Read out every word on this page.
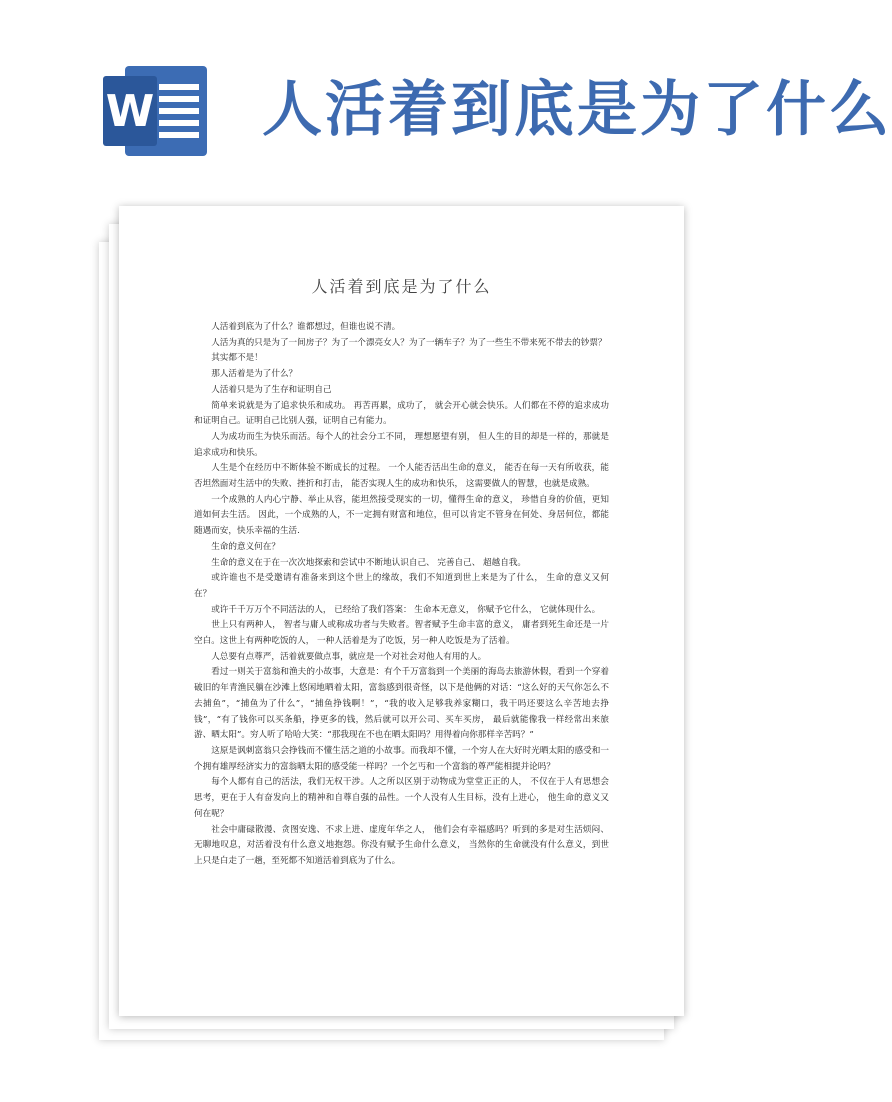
W 人活着到底是为了什么
人活着到底是为了什么

人活着到底为了什么？谁都想过，但谁也说不清。

人活为真的只是为了一间房子？为了一个漂亮女人？为了一辆车子？为了一些生不带来死不带去的钞票？

其实都不是！

那人活着是为了什么？

人活着只是为了生存和证明自己

简单来说就是为了追求快乐和成功。 再苦再累，成功了， 就会开心就会快乐。人们都在不停的追求成功和证明自己。证明自己比别人强，证明自己有能力。

人为成功而生为快乐而活。每个人的社会分工不同， 理想愿望有别， 但人生的目的却是一样的，那就是追求成功和快乐。

人生是个在经历中不断体验不断成长的过程。 一个人能否活出生命的意义， 能否在每一天有所收获，能否坦然面对生活中的失败、挫折和打击， 能否实现人生的成功和快乐， 这需要做人的智慧，也就是成熟。

一个成熟的人内心宁静、举止从容，能坦然接受现实的一切，懂得生命的意义， 珍惜自身的价值，更知道如何去生活。 因此，一个成熟的人，不一定拥有财富和地位，但可以肯定不管身在何处、身居何位，都能随遇而安，快乐幸福的生活.

生命的意义何在？

生命的意义在于在一次次地探索和尝试中不断地认识自己、 完善自己、 超越自我。

或许谁也不是受邀请有准备来到这个世上的缘故，我们不知道到世上来是为了什么， 生命的意义又何在？

或许千千万万个不同活法的人， 已经给了我们答案： 生命本无意义， 你赋予它什么， 它就体现什么。

世上只有两种人， 智者与庸人或称成功者与失败者。智者赋予生命丰富的意义， 庸者到死生命还是一片空白。这世上有两种吃饭的人， 一种人活着是为了吃饭，另一种人吃饭是为了活着。

人总要有点尊严，活着就要做点事，就应是一个对社会对他人有用的人。

看过一则关于富翁和渔夫的小故事，大意是：有个千万富翁到一个美丽的海岛去旅游休假，看到一个穿着破旧的年青渔民躺在沙滩上悠闲地晒着太阳，富翁感到很奇怪，以下是他俩的对话：“这么好的天气你怎么不去捕鱼”，“捕鱼为了什么”，“捕鱼挣钱啊！”，“我的收入足够我养家糊口，我干吗还要这么辛苦地去挣钱”，“有了钱你可以买条船，挣更多的钱，然后就可以开公司、买车买房， 最后就能像我一样经常出来旅游、晒太阳”。穷人听了哈哈大笑：“那我现在不也在晒太阳吗？用得着向你那样辛苦吗？”

这原是讽刺富翁只会挣钱而不懂生活之道的小故事。而我却不懂，一个穷人在大好时光晒太阳的感受和一个拥有雄厚经济实力的富翁晒太阳的感受能一样吗？一个乞丐和一个富翁的尊严能相提并论吗？

每个人都有自己的活法，我们无权干涉。人之所以区别于动物成为堂堂正正的人， 不仅在于人有思想会思考，更在于人有奋发向上的精神和自尊自强的品性。一个人没有人生目标，没有上进心， 他生命的意义又何在呢？

社会中庸碌散漫、贪图安逸、不求上进、虚度年华之人， 他们会有幸福感吗？听到的多是对生活烦闷、无聊地叹息，对活着没有什么意义地抱怨。你没有赋予生命什么意义， 当然你的生命就没有什么意义，到世上只是白走了一趟，至死都不知道活着到底为了什么。
